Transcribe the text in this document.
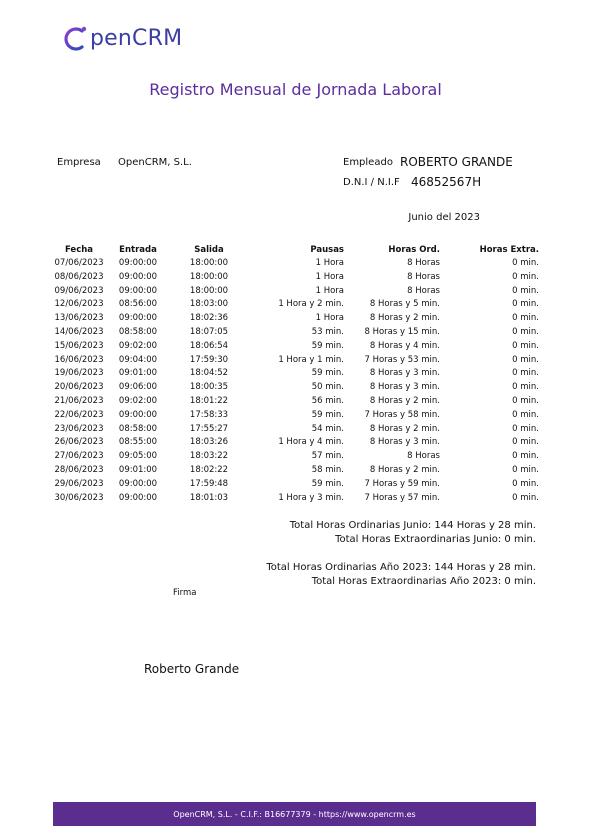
penCRM
Registro Mensual de Jornada Laboral
Empresa OpenCRM, S.L.	Empleado ROBERTO GRANDE
D.N.I / N.I.F 46852567H
Junio del 2023
Fecha	Entrada	Salida	Pausas	Horas Ord.	Horas Extra.
07/06/2023	09:00:00	18:00:00	1 Hora	8 Horas	0 min.
08/06/2023	09:00:00	18:00:00	1 Hora	8 Horas	0 min.
09/06/2023	09:00:00	18:00:00	1 Hora	8 Horas	0 min.
12/06/2023	08:56:00	18:03:00	1 Hora y 2 min.	8 Horas y 5 min.	0 min.
13/06/2023	09:00:00	18:02:36	1 Hora	8 Horas y 2 min.	0 min.
14/06/2023	08:58:00	18:07:05	53 min.	8 Horas y 15 min.	0 min.
15/06/2023	09:02:00	18:06:54	59 min.	8 Horas y 4 min.	0 min.
16/06/2023	09:04:00	17:59:30	1 Hora y 1 min.	7 Horas y 53 min.	0 min.
19/06/2023	09:01:00	18:04:52	59 min.	8 Horas y 3 min.	0 min.
20/06/2023	09:06:00	18:00:35	50 min.	8 Horas y 3 min.	0 min.
21/06/2023	09:02:00	18:01:22	56 min.	8 Horas y 2 min.	0 min.
22/06/2023	09:00:00	17:58:33	59 min.	7 Horas y 58 min.	0 min.
23/06/2023	08:58:00	17:55:27	54 min.	8 Horas y 2 min.	0 min.
26/06/2023	08:55:00	18:03:26	1 Hora y 4 min.	8 Horas y 3 min.	0 min.
27/06/2023	09:05:00	18:03:22	57 min.	8 Horas	0 min.
28/06/2023	09:01:00	18:02:22	58 min.	8 Horas y 2 min.	0 min.
29/06/2023	09:00:00	17:59:48	59 min.	7 Horas y 59 min.	0 min.
30/06/2023	09:00:00	18:01:03	1 Hora y 3 min.	7 Horas y 57 min.	0 min.
Total Horas Ordinarias Junio: 144 Horas y 28 min.
Total Horas Extraordinarias Junio: 0 min.
Total Horas Ordinarias Año 2023: 144 Horas y 28 min.
Total Horas Extraordinarias Año 2023: 0 min.
Firma
Roberto Grande
OpenCRM, S.L. - C.I.F.: B16677379 - https://www.opencrm.es
